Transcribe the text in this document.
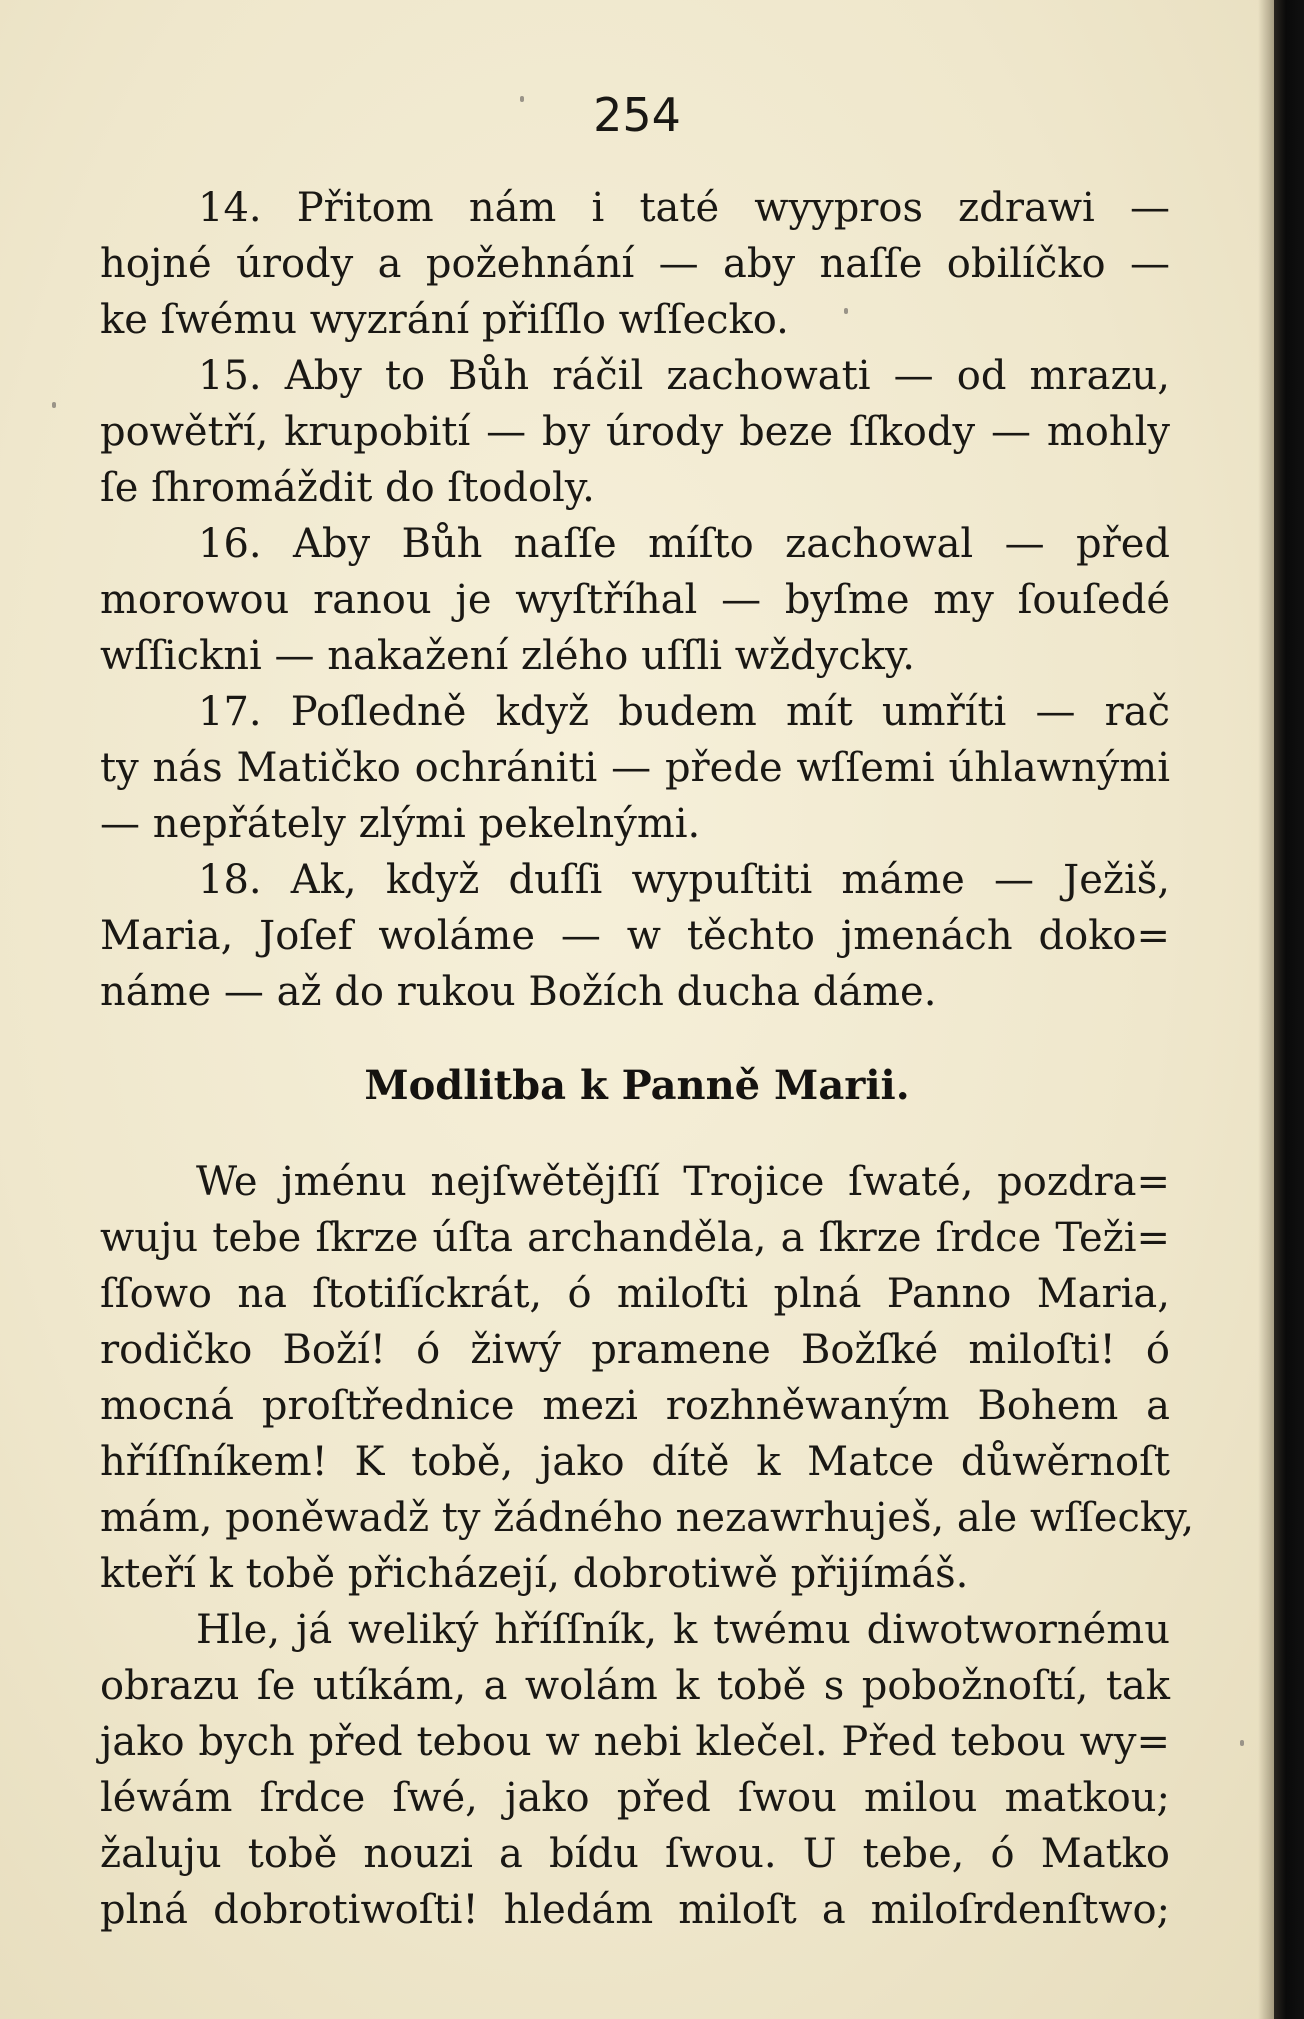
254
14. Přitom nám i taté wyypros zdrawi —
hojné úrody a požehnání — aby naſſe obilíčko —
ke ſwému wyzrání přiſſlo wſſecko.
15. Aby to Bůh ráčil zachowati — od mrazu,
powětří, krupobití — by úrody beze ſſkody — mohly
ſe ſhromáždit do ſtodoly.
16. Aby Bůh naſſe míſto zachowal — před
morowou ranou je wyſtříhal — byſme my ſouſedé
wſſickni — nakažení zlého uſſli wždycky.
17. Poſledně když budem mít umříti — rač
ty nás Matičko ochrániti — přede wſſemi úhlawnými
— nepřátely zlými pekelnými.
18. Ak, když duſſi wypuſtiti máme — Ježiš,
Maria, Joſef woláme — w těchto jmenách doko=
náme — až do rukou Božích ducha dáme.
Modlitba k Panně Marii.
We jménu nejſwětějſſí Trojice ſwaté, pozdra=
wuju tebe ſkrze úſta archanděla, a ſkrze ſrdce Teži=
ſſowo na ſtotiſíckrát, ó miloſti plná Panno Maria,
rodičko Boží! ó žiwý pramene Božſké miloſti! ó
mocná proſtřednice mezi rozhněwaným Bohem a
hříſſníkem! K tobě, jako dítě k Matce důwěrnoſt
mám, poněwadž ty žádného nezawrhuješ, ale wſſecky,
kteří k tobě přicházejí, dobrotiwě přijímáš.
Hle, já weliký hříſſník, k twému diwotwornému
obrazu ſe utíkám, a wolám k tobě s pobožnoſtí, tak
jako bych před tebou w nebi klečel. Před tebou wy=
léwám ſrdce ſwé, jako před ſwou milou matkou;
žaluju tobě nouzi a bídu ſwou. U tebe, ó Matko
plná dobrotiwoſti! hledám miloſt a miloſrdenſtwo;
